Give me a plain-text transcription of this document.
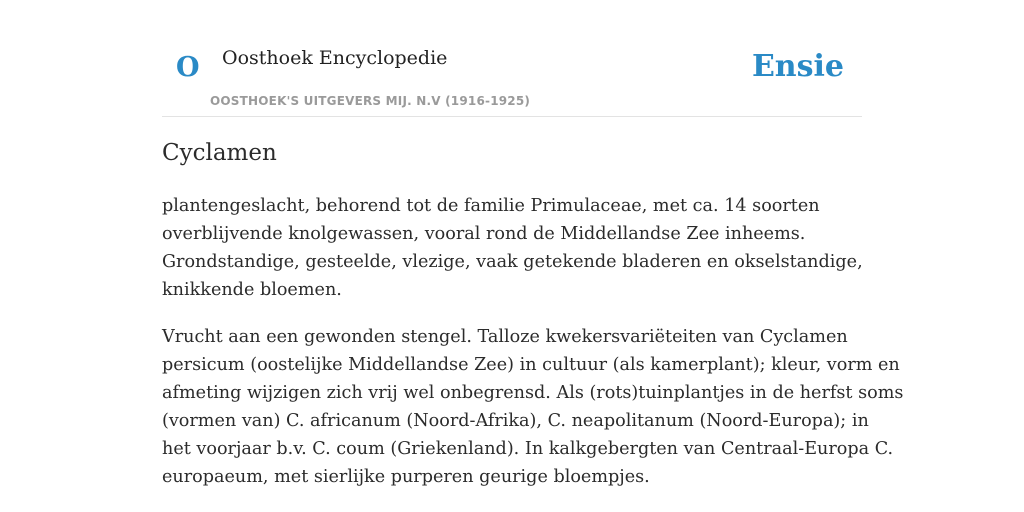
O Oosthoek Encyclopedie
OOSTHOEK'S UITGEVERS MIJ. N.V (1916-1925)
Ensie
Cyclamen

plantengeslacht, behorend tot de familie Primulaceae, met ca. 14 soorten
overblijvende knolgewassen, vooral rond de Middellandse Zee inheems.
Grondstandige, gesteelde, vlezige, vaak getekende bladeren en okselstandige,
knikkende bloemen.

Vrucht aan een gewonden stengel. Talloze kwekersvariëteiten van Cyclamen
persicum (oostelijke Middellandse Zee) in cultuur (als kamerplant); kleur, vorm en
afmeting wijzigen zich vrij wel onbegrensd. Als (rots)tuinplantjes in de herfst soms
(vormen van) C. africanum (Noord-Afrika), C. neapolitanum (Noord-Europa); in
het voorjaar b.v. C. coum (Griekenland). In kalkgebergten van Centraal-Europa C.
europaeum, met sierlijke purperen geurige bloempjes.
